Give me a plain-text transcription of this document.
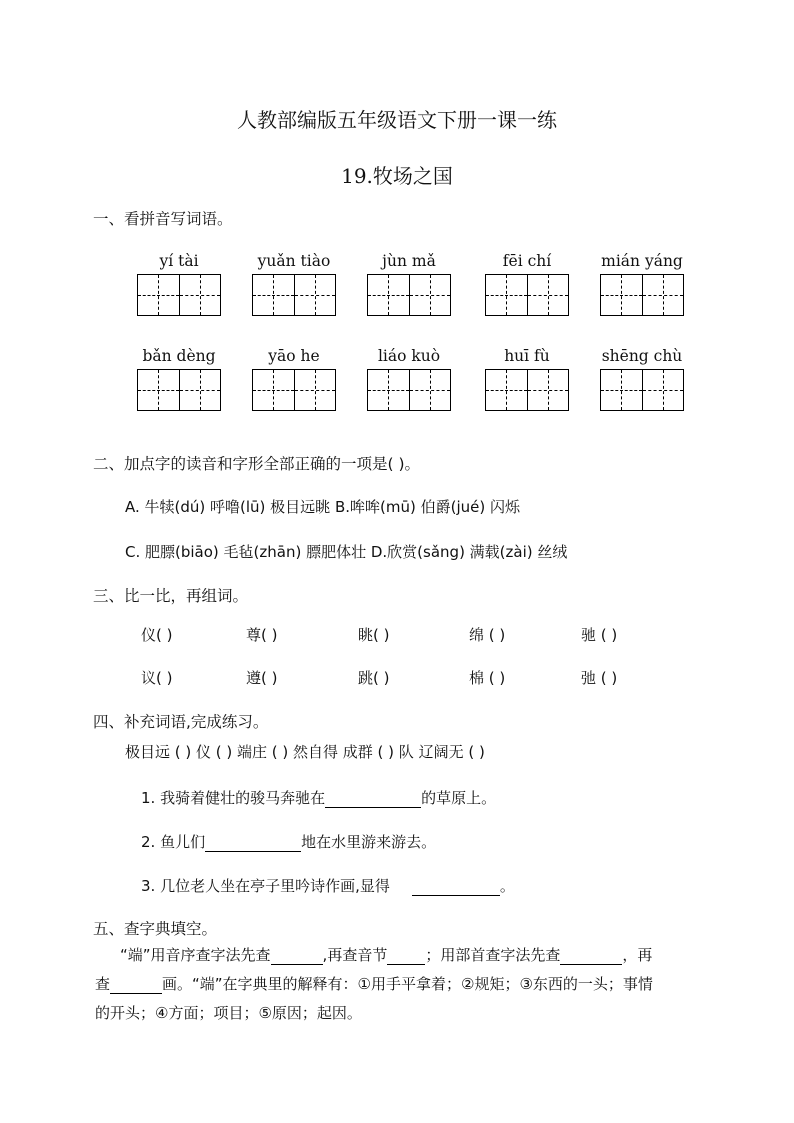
人教部编版五年级语文下册一课一练
19.牧场之国
一、看拼音写词语。
yí tài	yuǎn tiào	jùn mǎ	fēi chí	mián yáng
bǎn dèng	yāo he	liáo kuò	huī fù	shēng chù
二、加点字的读音和字形全部正确的一项是( )。
A. 牛犊(dú) 呼噜(lū) 极目远眺 B.哞哞(mū) 伯爵(jué) 闪烁
C. 肥膘(biāo) 毛毡(zhān) 膘肥体壮 D.欣赏(sǎng) 满载(zài) 丝绒
三、比一比，再组词。
仪( )	尊( )	眺( )	绵 ( )	驰 ( )
议( )	遵( )	跳( )	棉 ( )	弛 ( )
四、补充词语,完成练习。
极目远 ( ) 仪 ( ) 端庄 ( ) 然自得 成群 ( ) 队 辽阔无 ( )
1. 我骑着健壮的骏马奔驰在	的草原上。
2. 鱼儿们	地在水里游来游去。
3. 几位老人坐在亭子里吟诗作画,显得	。
五、查字典填空。
“端”用音序查字法先查	,再查音节	；用部首查字法先查	，再
查	画。“端”在字典里的解释有：①用手平拿着；②规矩；③东西的一头；事情
的开头；④方面；项目；⑤原因；起因。
